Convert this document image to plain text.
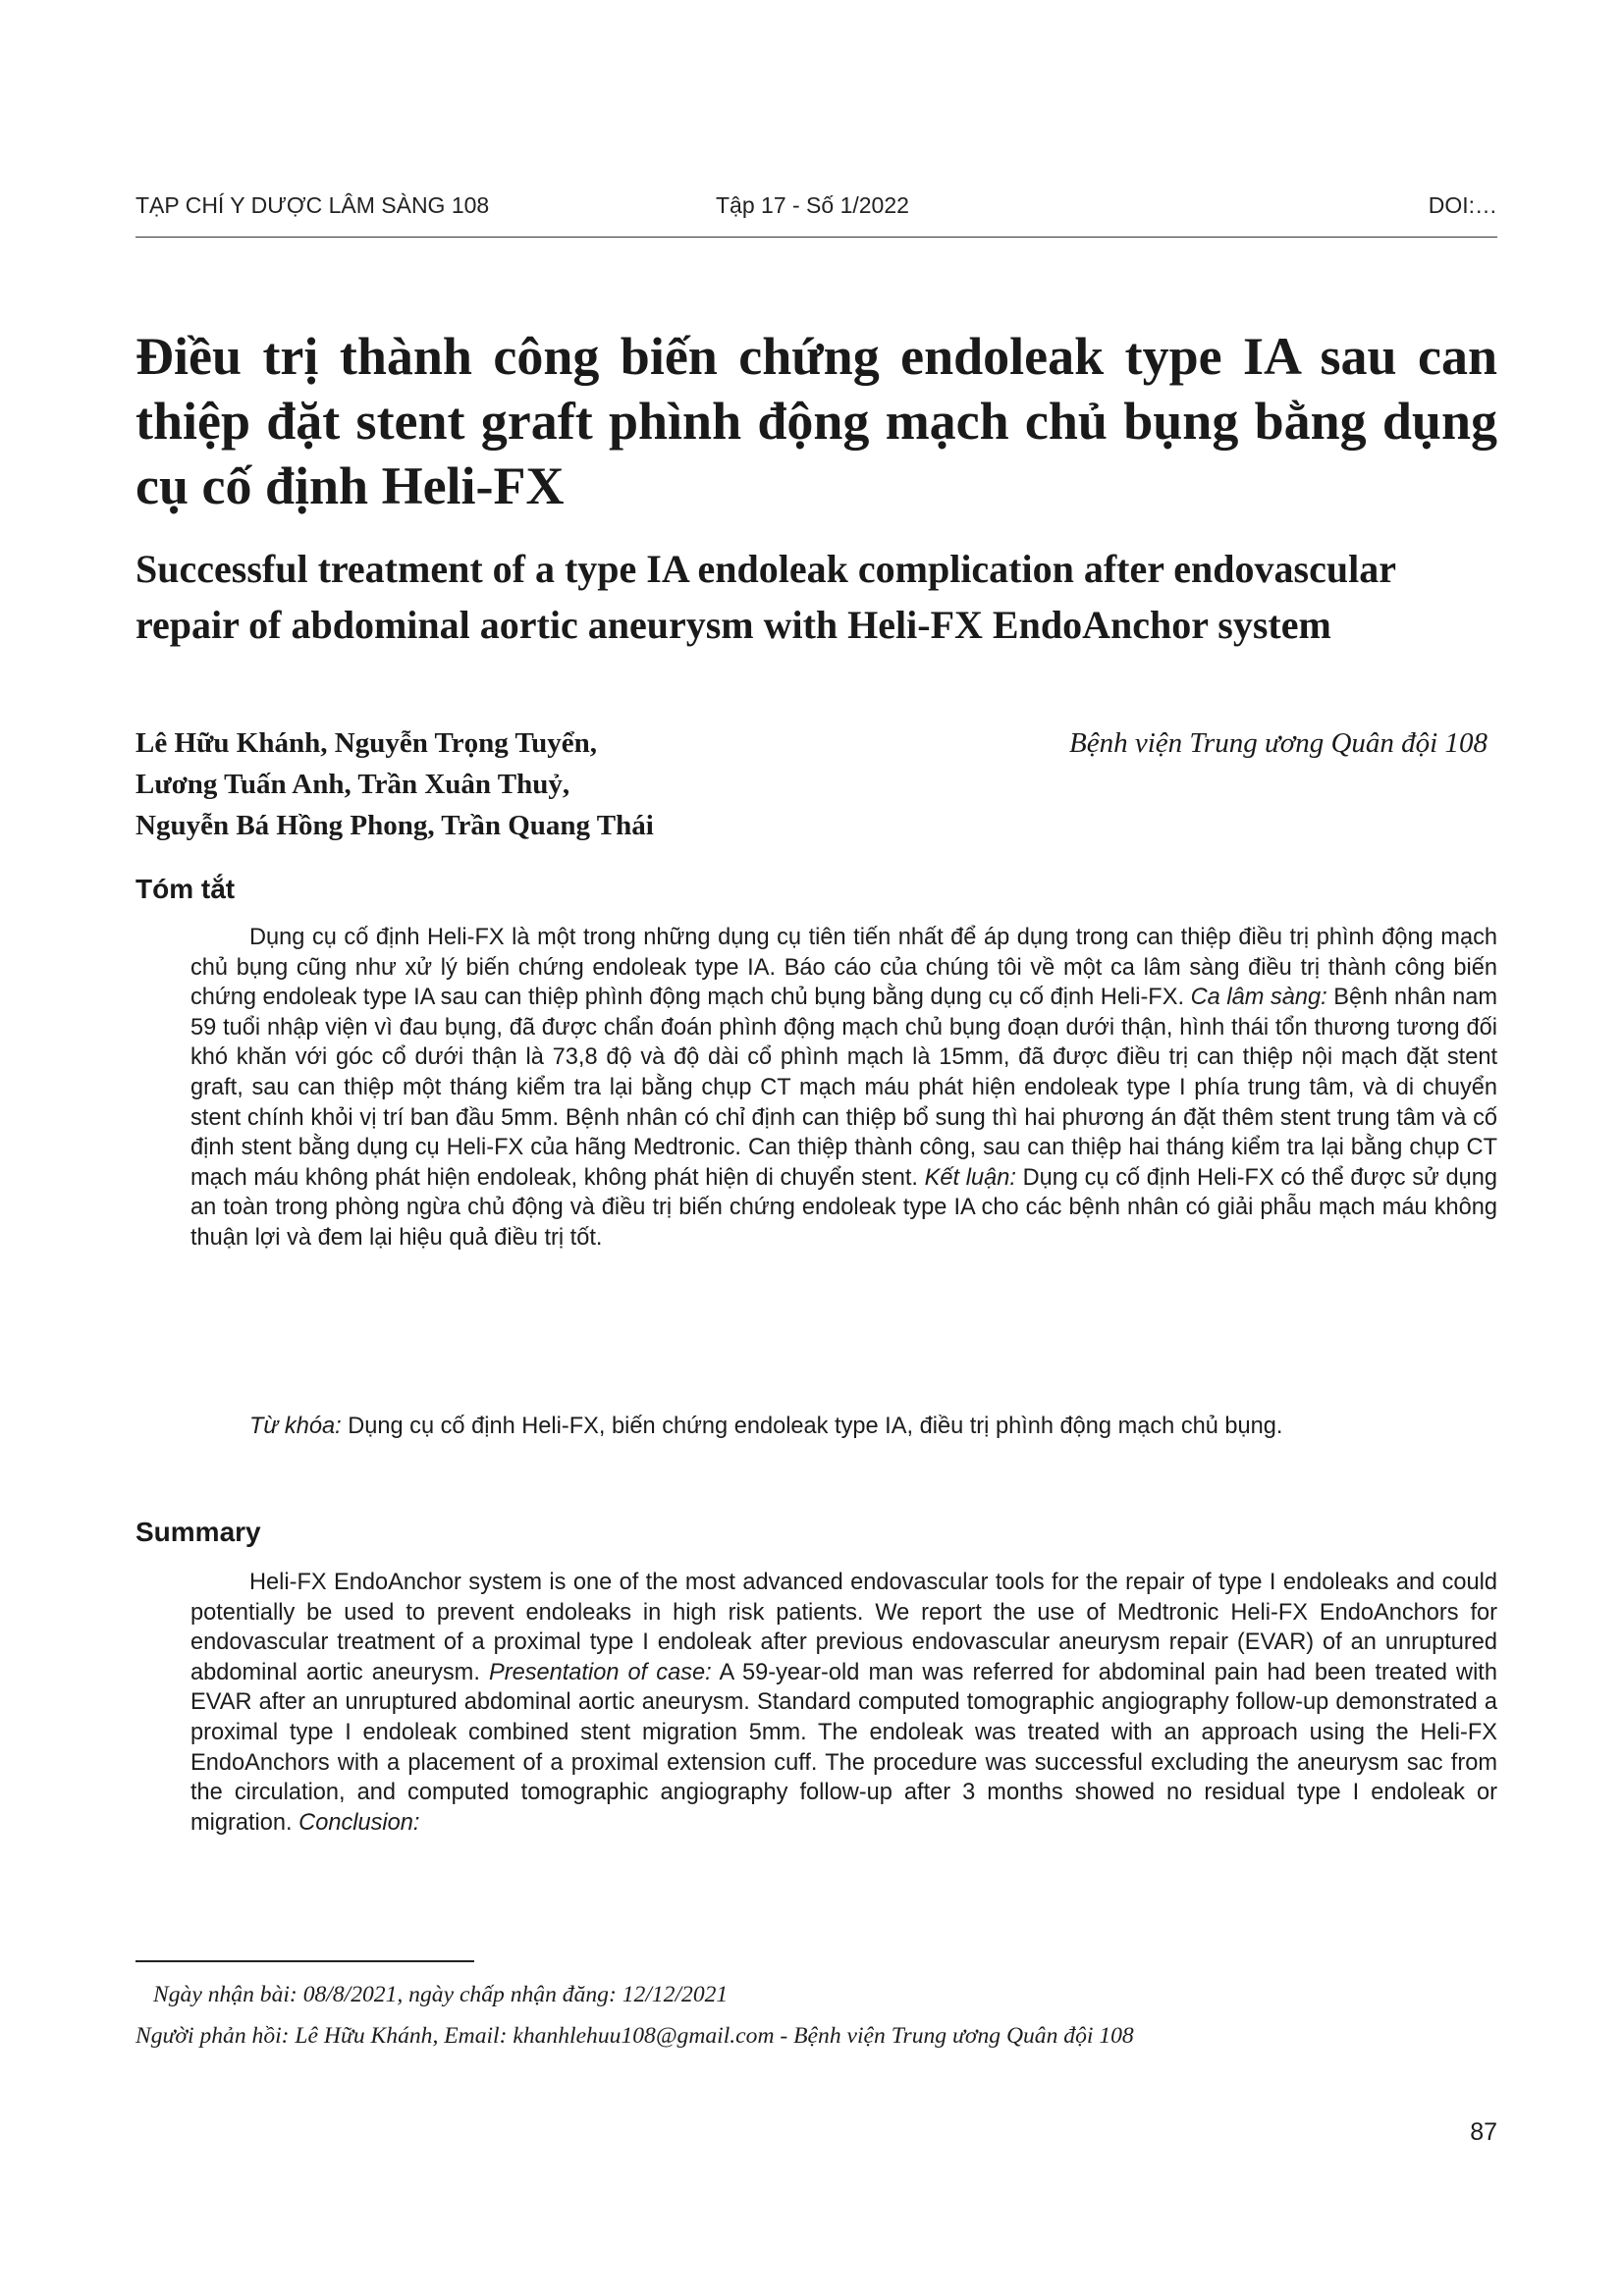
TẠP CHÍ Y DƯỢC LÂM SÀNG 108	Tập 17 - Số 1/2022	DOI:…
Điều trị thành công biến chứng endoleak type IA sau can thiệp đặt stent graft phình động mạch chủ bụng bằng dụng cụ cố định Heli-FX
Successful treatment of a type IA endoleak complication after endovascular repair of abdominal aortic aneurysm with Heli-FX EndoAnchor system
Lê Hữu Khánh, Nguyễn Trọng Tuyển,
Lương Tuấn Anh, Trần Xuân Thuỷ,
Nguyễn Bá Hồng Phong, Trần Quang Thái
Bệnh viện Trung ương Quân đội 108
Tóm tắt

Dụng cụ cố định Heli-FX là một trong những dụng cụ tiên tiến nhất để áp dụng trong can thiệp điều trị phình động mạch chủ bụng cũng như xử lý biến chứng endoleak type IA. Báo cáo của chúng tôi về một ca lâm sàng điều trị thành công biến chứng endoleak type IA sau can thiệp phình động mạch chủ bụng bằng dụng cụ cố định Heli-FX. Ca lâm sàng: Bệnh nhân nam 59 tuổi nhập viện vì đau bụng, đã được chẩn đoán phình động mạch chủ bụng đoạn dưới thận, hình thái tổn thương tương đối khó khăn với góc cổ dưới thận là 73,8 độ và độ dài cổ phình mạch là 15mm, đã được điều trị can thiệp nội mạch đặt stent graft, sau can thiệp một tháng kiểm tra lại bằng chụp CT mạch máu phát hiện endoleak type I phía trung tâm, và di chuyển stent chính khỏi vị trí ban đầu 5mm. Bệnh nhân có chỉ định can thiệp bổ sung thì hai phương án đặt thêm stent trung tâm và cố định stent bằng dụng cụ Heli-FX của hãng Medtronic. Can thiệp thành công, sau can thiệp hai tháng kiểm tra lại bằng chụp CT mạch máu không phát hiện endoleak, không phát hiện di chuyển stent. Kết luận: Dụng cụ cố định Heli-FX có thể được sử dụng an toàn trong phòng ngừa chủ động và điều trị biến chứng endoleak type IA cho các bệnh nhân có giải phẫu mạch máu không thuận lợi và đem lại hiệu quả điều trị tốt.

Từ khóa: Dụng cụ cố định Heli-FX, biến chứng endoleak type IA, điều trị phình động mạch chủ bụng.

Summary

Heli-FX EndoAnchor system is one of the most advanced endovascular tools for the repair of type I endoleaks and could potentially be used to prevent endoleaks in high risk patients. We report the use of Medtronic Heli-FX EndoAnchors for endovascular treatment of a proximal type I endoleak after previous endovascular aneurysm repair (EVAR) of an unruptured abdominal aortic aneurysm. Presentation of case: A 59-year-old man was referred for abdominal pain had been treated with EVAR after an unruptured abdominal aortic aneurysm. Standard computed tomographic angiography follow-up demonstrated a proximal type I endoleak combined stent migration 5mm. The endoleak was treated with an approach using the Heli-FX EndoAnchors with a placement of a proximal extension cuff. The procedure was successful excluding the aneurysm sac from the circulation, and computed tomographic angiography follow-up after 3 months showed no residual type I endoleak or migration. Conclusion:

Ngày nhận bài: 08/8/2021, ngày chấp nhận đăng: 12/12/2021

Người phản hồi: Lê Hữu Khánh, Email: khanhlehuu108@gmail.com - Bệnh viện Trung ương Quân đội 108

87
